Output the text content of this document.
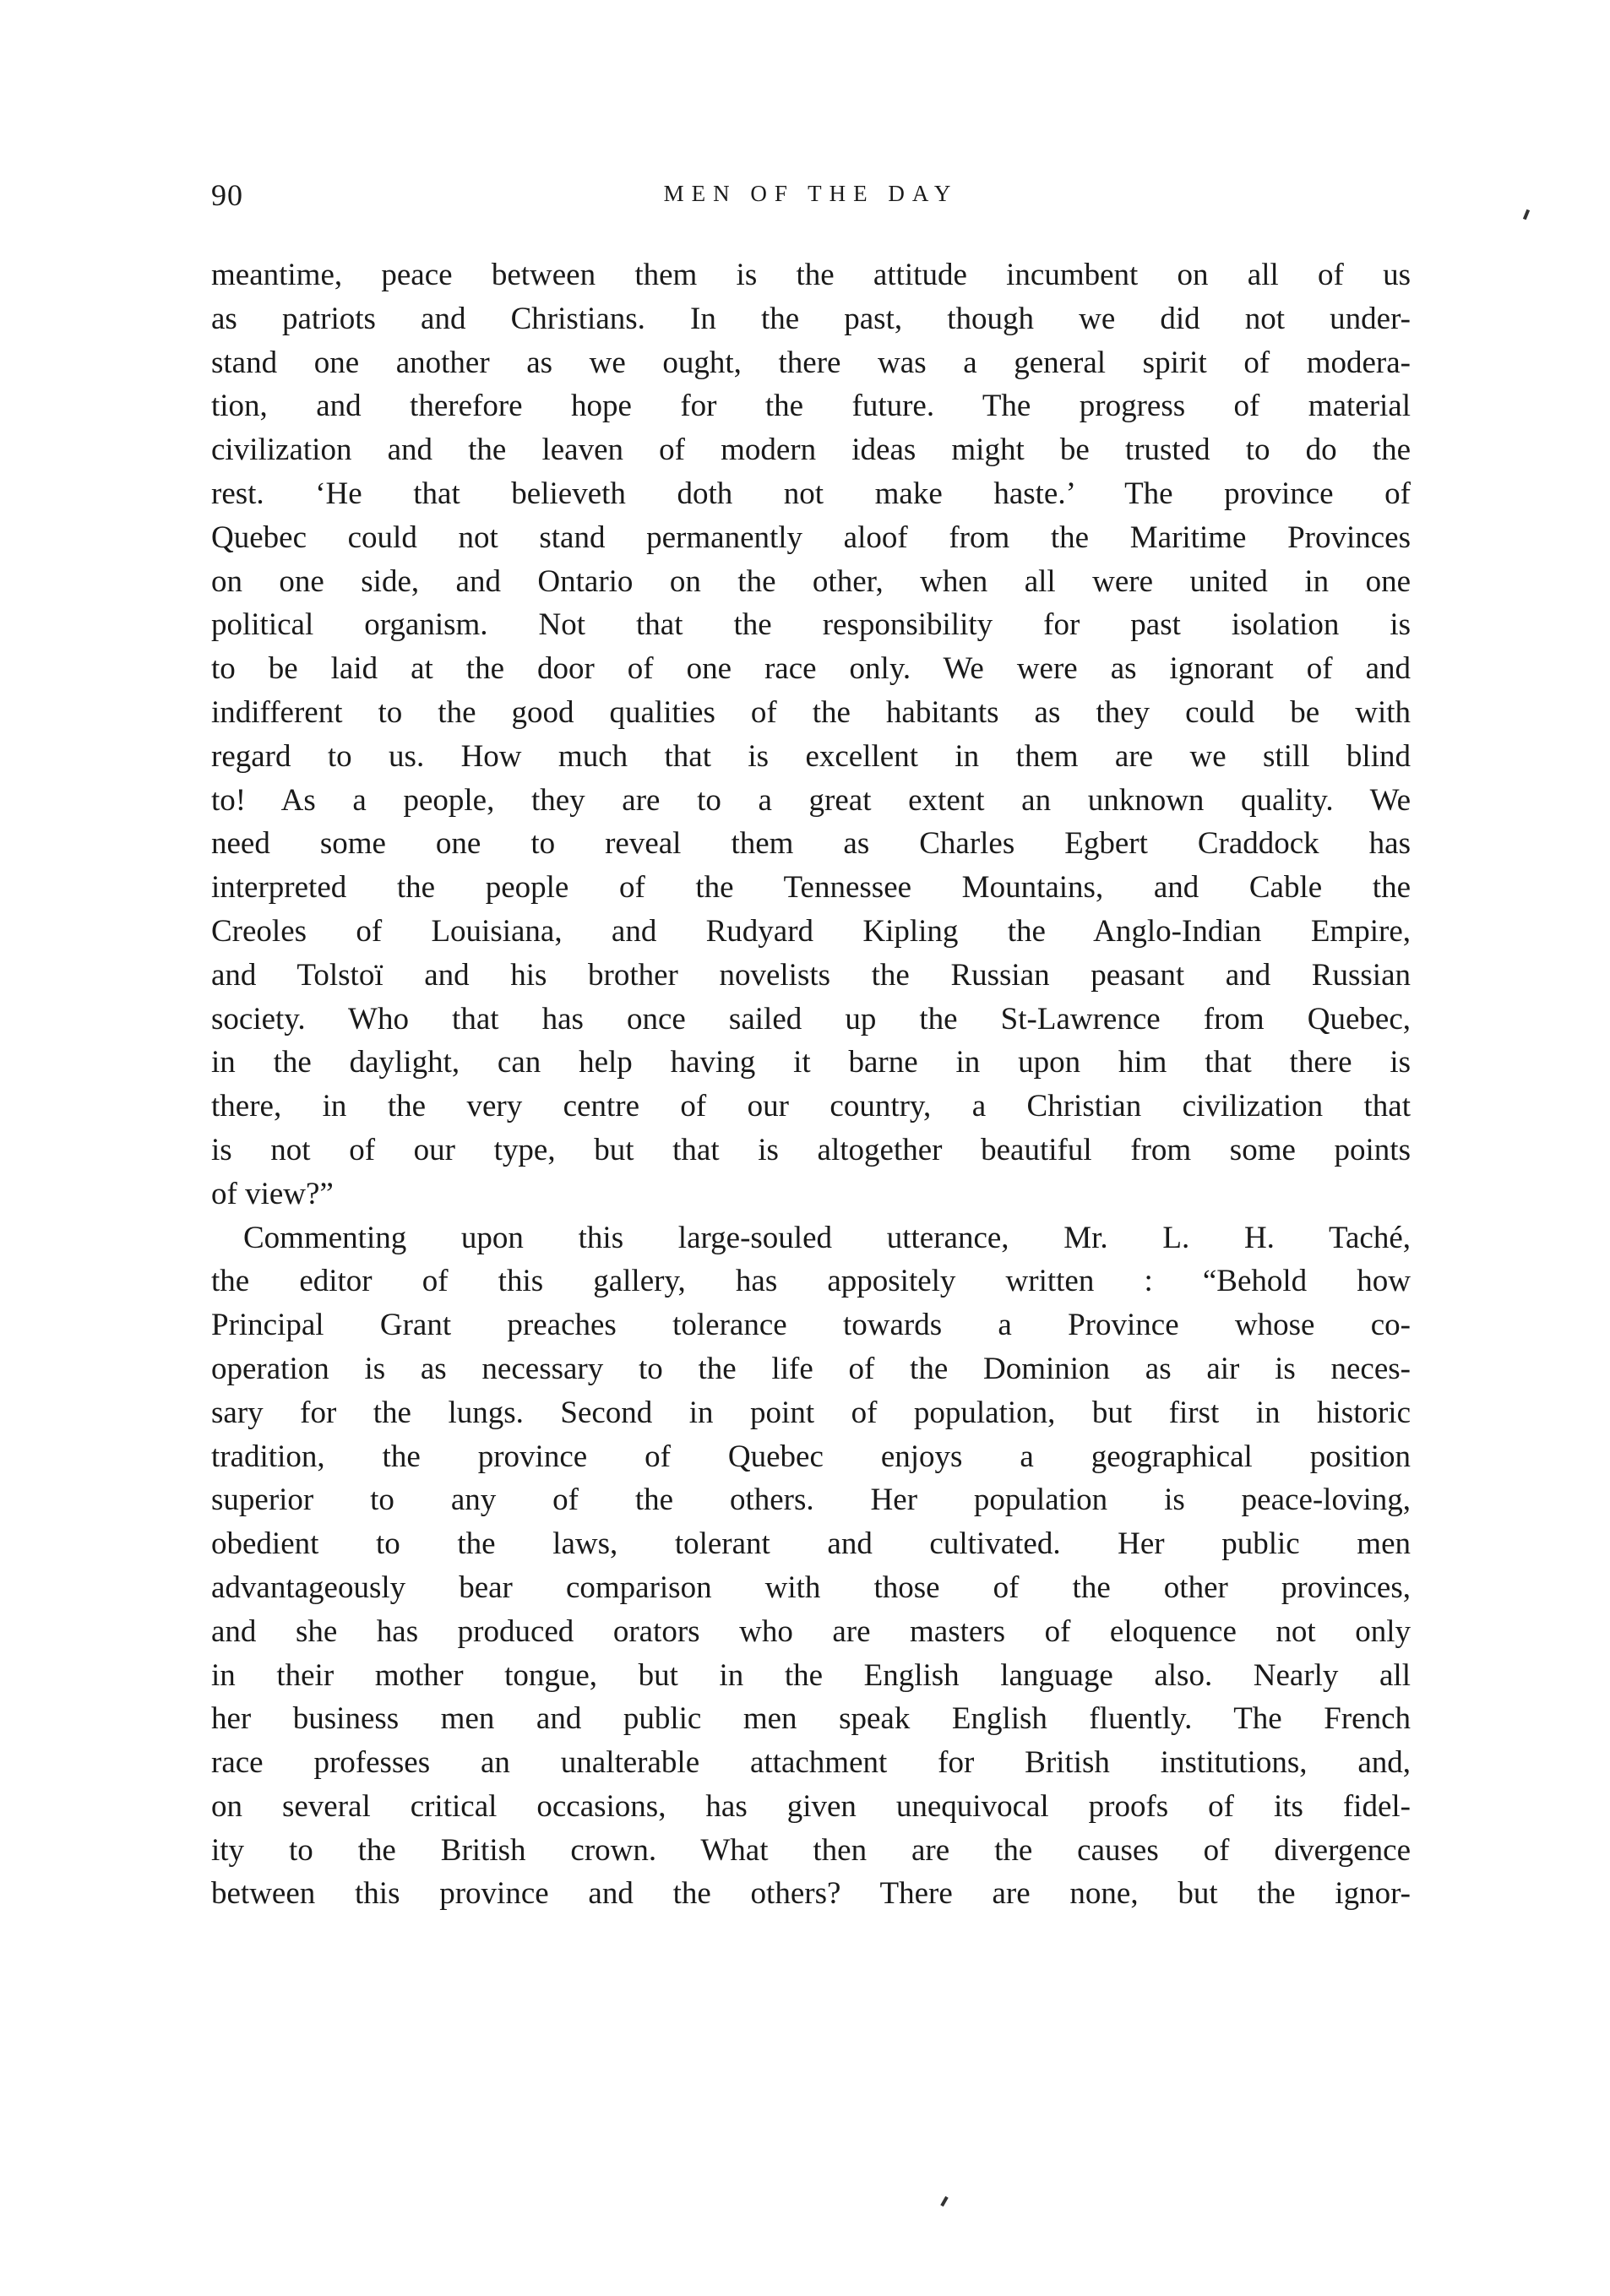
90	MEN OF THE DAY
meantime, peace between them is the attitude incumbent on all of us
as patriots and Christians. In the past, though we did not under-
stand one another as we ought, there was a general spirit of modera-
tion, and therefore hope for the future. The progress of material
civilization and the leaven of modern ideas might be trusted to do the
rest. ‘He that believeth doth not make haste.’ The province of
Quebec could not stand permanently aloof from the Maritime Provinces
on one side, and Ontario on the other, when all were united in one
political organism. Not that the responsibility for past isolation is
to be laid at the door of one race only. We were as ignorant of and
indifferent to the good qualities of the habitants as they could be with
regard to us. How much that is excellent in them are we still blind
to! As a people, they are to a great extent an unknown quality. We
need some one to reveal them as Charles Egbert Craddock has
interpreted the people of the Tennessee Mountains, and Cable the
Creoles of Louisiana, and Rudyard Kipling the Anglo-Indian Empire,
and Tolstoï and his brother novelists the Russian peasant and Russian
society. Who that has once sailed up the St-Lawrence from Quebec,
in the daylight, can help having it barne in upon him that there is
there, in the very centre of our country, a Christian civilization that
is not of our type, but that is altogether beautiful from some points
of view?”
Commenting upon this large-souled utterance, Mr. L. H. Taché,
the editor of this gallery, has appositely written : “Behold how
Principal Grant preaches tolerance towards a Province whose co-
operation is as necessary to the life of the Dominion as air is neces-
sary for the lungs. Second in point of population, but first in historic
tradition, the province of Quebec enjoys a geographical position
superior to any of the others. Her population is peace-loving,
obedient to the laws, tolerant and cultivated. Her public men
advantageously bear comparison with those of the other provinces,
and she has produced orators who are masters of eloquence not only
in their mother tongue, but in the English language also. Nearly all
her business men and public men speak English fluently. The French
race professes an unalterable attachment for British institutions, and,
on several critical occasions, has given unequivocal proofs of its fidel-
ity to the British crown. What then are the causes of divergence
between this province and the others? There are none, but the ignor-
